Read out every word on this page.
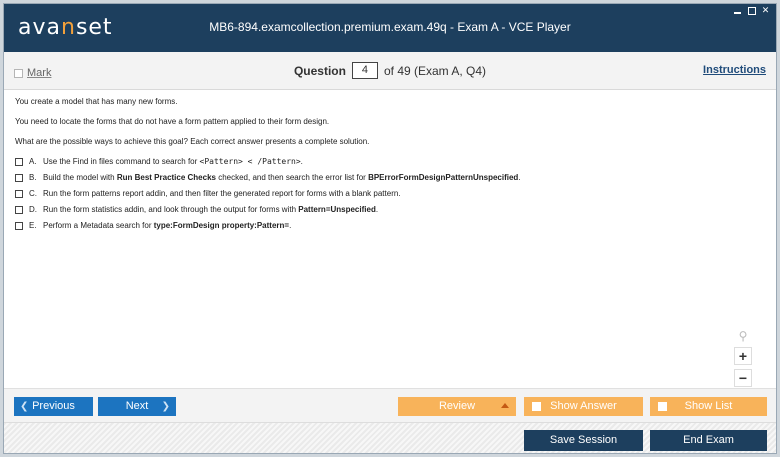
avanset	MB6-894.examcollection.premium.exam.49q - Exam A - VCE Player
✕
Mark	Question	4	of 49 (Exam A, Q4)	Instructions

You create a model that has many new forms.

You need to locate the forms that do not have a form pattern applied to their form design.

What are the possible ways to achieve this goal? Each correct answer presents a complete solution.

A. Use the Find in files command to search for <Pattern> < /Pattern>.
B. Build the model with Run Best Practice Checks checked, and then search the error list for BPErrorFormDesignPatternUnspecified.
C. Run the form patterns report addin, and then filter the generated report for forms with a blank pattern.
D. Run the form statistics addin, and look through the output for forms with Pattern=Unspecified.
E. Perform a Metadata search for type:FormDesign property:Pattern=.
⚲
+
−
❮ Previous	Next ❯	Review	Show Answer	Show List
Save Session	End Exam
